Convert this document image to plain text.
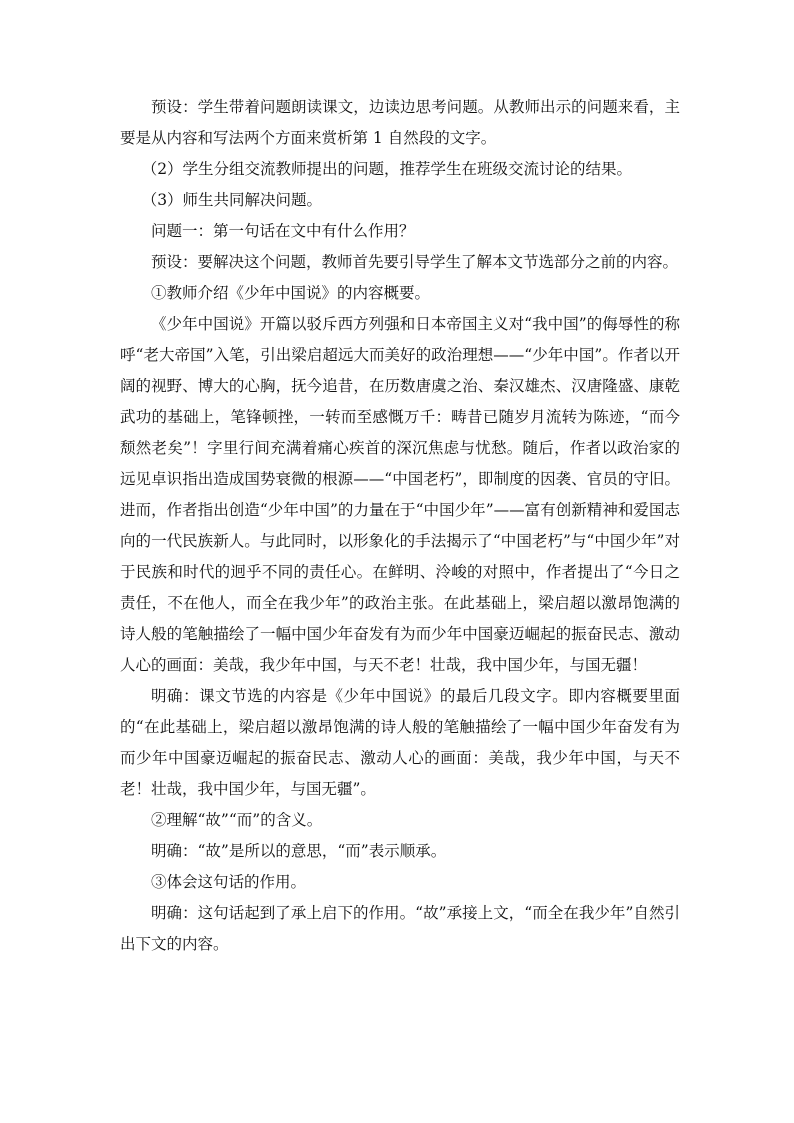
预设：学生带着问题朗读课文，边读边思考问题。从教师出示的问题来看，主要是从内容和写法两个方面来赏析第 1 自然段的文字。

（2）学生分组交流教师提出的问题，推荐学生在班级交流讨论的结果。

（3）师生共同解决问题。

问题一：第一句话在文中有什么作用？

预设：要解决这个问题，教师首先要引导学生了解本文节选部分之前的内容。

①教师介绍《少年中国说》的内容概要。

《少年中国说》开篇以驳斥西方列强和日本帝国主义对“我中国”的侮辱性的称呼“老大帝国”入笔，引出梁启超远大而美好的政治理想——“少年中国”。作者以开阔的视野、博大的心胸，抚今追昔，在历数唐虞之治、秦汉雄杰、汉唐隆盛、康乾武功的基础上，笔锋顿挫，一转而至感慨万千：畴昔已随岁月流转为陈迹，“而今颓然老矣”！字里行间充满着痛心疾首的深沉焦虑与忧愁。随后，作者以政治家的远见卓识指出造成国势衰微的根源——“中国老朽”，即制度的因袭、官员的守旧。进而，作者指出创造“少年中国”的力量在于“中国少年”——富有创新精神和爱国志向的一代民族新人。与此同时，以形象化的手法揭示了“中国老朽”与“中国少年”对于民族和时代的迥乎不同的责任心。在鲜明、泠峻的对照中，作者提出了“今日之责任，不在他人，而全在我少年”的政治主张。在此基础上，梁启超以激昂饱满的诗人般的笔触描绘了一幅中国少年奋发有为而少年中国豪迈崛起的振奋民志、激动人心的画面：美哉，我少年中国，与天不老！壮哉，我中国少年，与国无疆！

明确：课文节选的内容是《少年中国说》的最后几段文字。即内容概要里面的“在此基础上，梁启超以激昂饱满的诗人般的笔触描绘了一幅中国少年奋发有为而少年中国豪迈崛起的振奋民志、激动人心的画面：美哉，我少年中国，与天不老！壮哉，我中国少年，与国无疆”。

②理解“故”“而”的含义。

明确：“故”是所以的意思，“而”表示顺承。

③体会这句话的作用。

明确：这句话起到了承上启下的作用。“故”承接上文，“而全在我少年”自然引出下文的内容。
